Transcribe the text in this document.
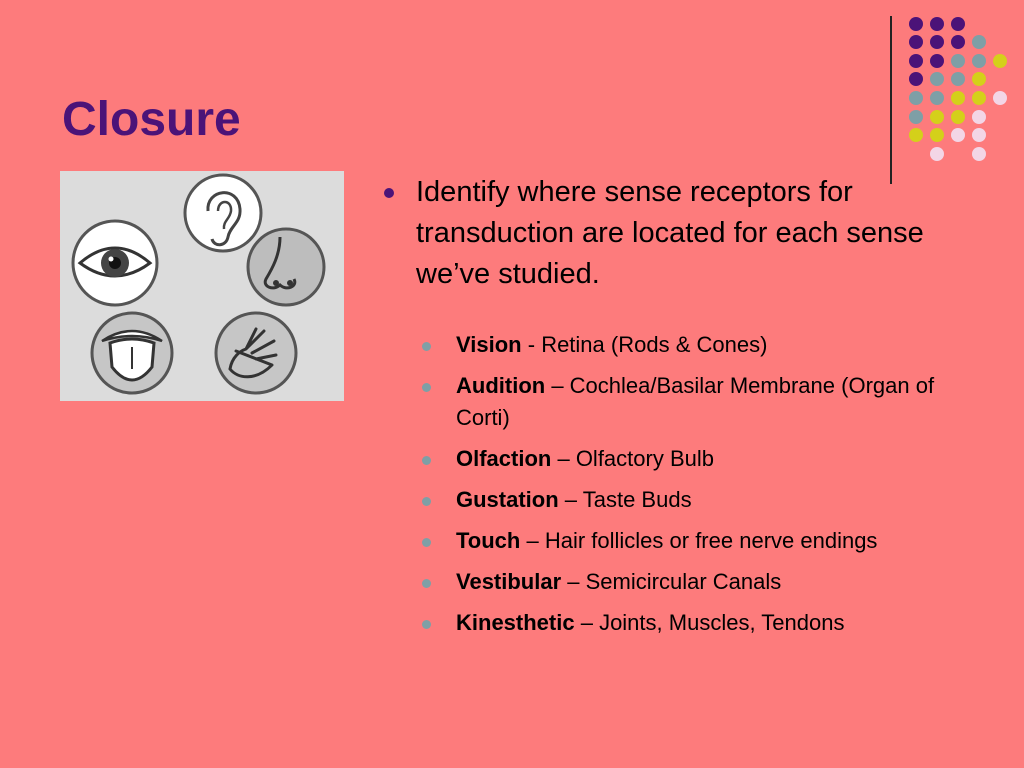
Closure

Identify where sense receptors for transduction are located for each sense we’ve studied.

Vision - Retina (Rods & Cones)
Audition – Cochlea/Basilar Membrane (Organ of Corti)
Olfaction – Olfactory Bulb
Gustation – Taste Buds
Touch – Hair follicles or free nerve endings
Vestibular – Semicircular Canals
Kinesthetic – Joints, Muscles, Tendons
